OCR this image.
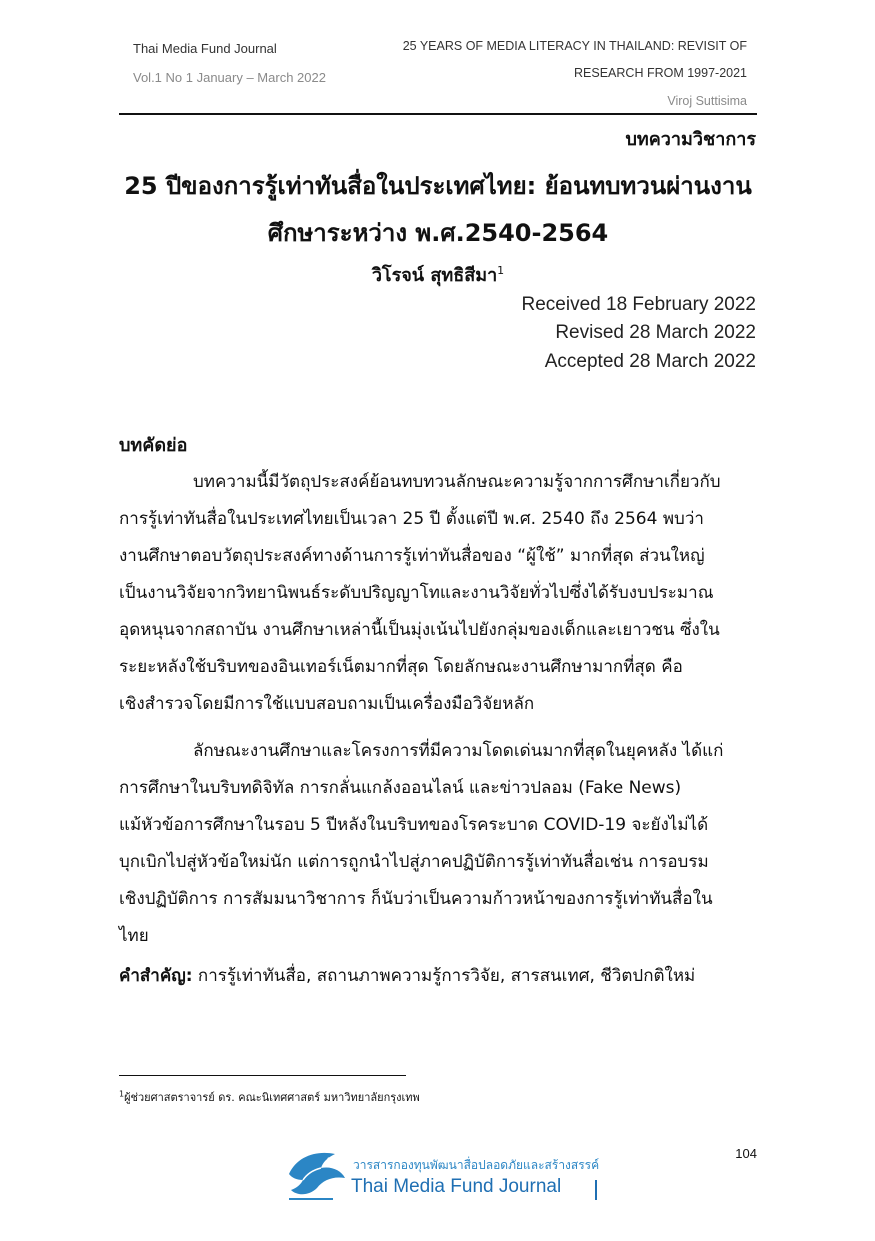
Thai Media Fund Journal
Vol.1 No 1 January – March 2022
25 YEARS OF MEDIA LITERACY IN THAILAND: REVISIT OF
RESEARCH FROM 1997-2021
Viroj Suttisima
บทความวิชาการ
25 ปีของการรู้เท่าทันสื่อในประเทศไทย: ย้อนทบทวนผ่านงาน
ศึกษาระหว่าง พ.ศ.2540-2564
วิโรจน์ สุทธิสีมา$^1$
Received 18 February 2022
Revised 28 March 2022
Accepted 28 March 2022
บทคัดย่อ
บทความนี้มีวัตถุประสงค์ย้อนทบทวนลักษณะความรู้จากการศึกษาเกี่ยวกับ
การรู้เท่าทันสื่อในประเทศไทยเป็นเวลา 25 ปี ตั้งแต่ปี พ.ศ. 2540 ถึง 2564 พบว่า
งานศึกษาตอบวัตถุประสงค์ทางด้านการรู้เท่าทันสื่อของ “ผู้ใช้” มากที่สุด ส่วนใหญ่
เป็นงานวิจัยจากวิทยานิพนธ์ระดับปริญญาโทและงานวิจัยทั่วไปซึ่งได้รับงบประมาณ
อุดหนุนจากสถาบัน งานศึกษาเหล่านี้เป็นมุ่งเน้นไปยังกลุ่มของเด็กและเยาวชน ซึ่งใน
ระยะหลังใช้บริบทของอินเทอร์เน็ตมากที่สุด โดยลักษณะงานศึกษามากที่สุด คือ
เชิงสำรวจโดยมีการใช้แบบสอบถามเป็นเครื่องมือวิจัยหลัก
ลักษณะงานศึกษาและโครงการที่มีความโดดเด่นมากที่สุดในยุคหลัง ได้แก่
การศึกษาในบริบทดิจิทัล การกลั่นแกล้งออนไลน์ และข่าวปลอม (Fake News)
แม้หัวข้อการศึกษาในรอบ 5 ปีหลังในบริบทของโรคระบาด COVID-19 จะยังไม่ได้
บุกเบิกไปสู่หัวข้อใหม่นัก แต่การถูกนำไปสู่ภาคปฏิบัติการรู้เท่าทันสื่อเช่น การอบรม
เชิงปฏิบัติการ การสัมมนาวิชาการ ก็นับว่าเป็นความก้าวหน้าของการรู้เท่าทันสื่อใน
ไทย
คำสำคัญ: การรู้เท่าทันสื่อ, สถานภาพความรู้การวิจัย, สารสนเทศ, ชีวิตปกติใหม่
$^1$ผู้ช่วยศาสตราจารย์ ดร. คณะนิเทศศาสตร์ มหาวิทยาลัยกรุงเทพ
104
วารสารกองทุนพัฒนาสื่อปลอดภัยและสร้างสรรค์
Thai Media Fund Journal
